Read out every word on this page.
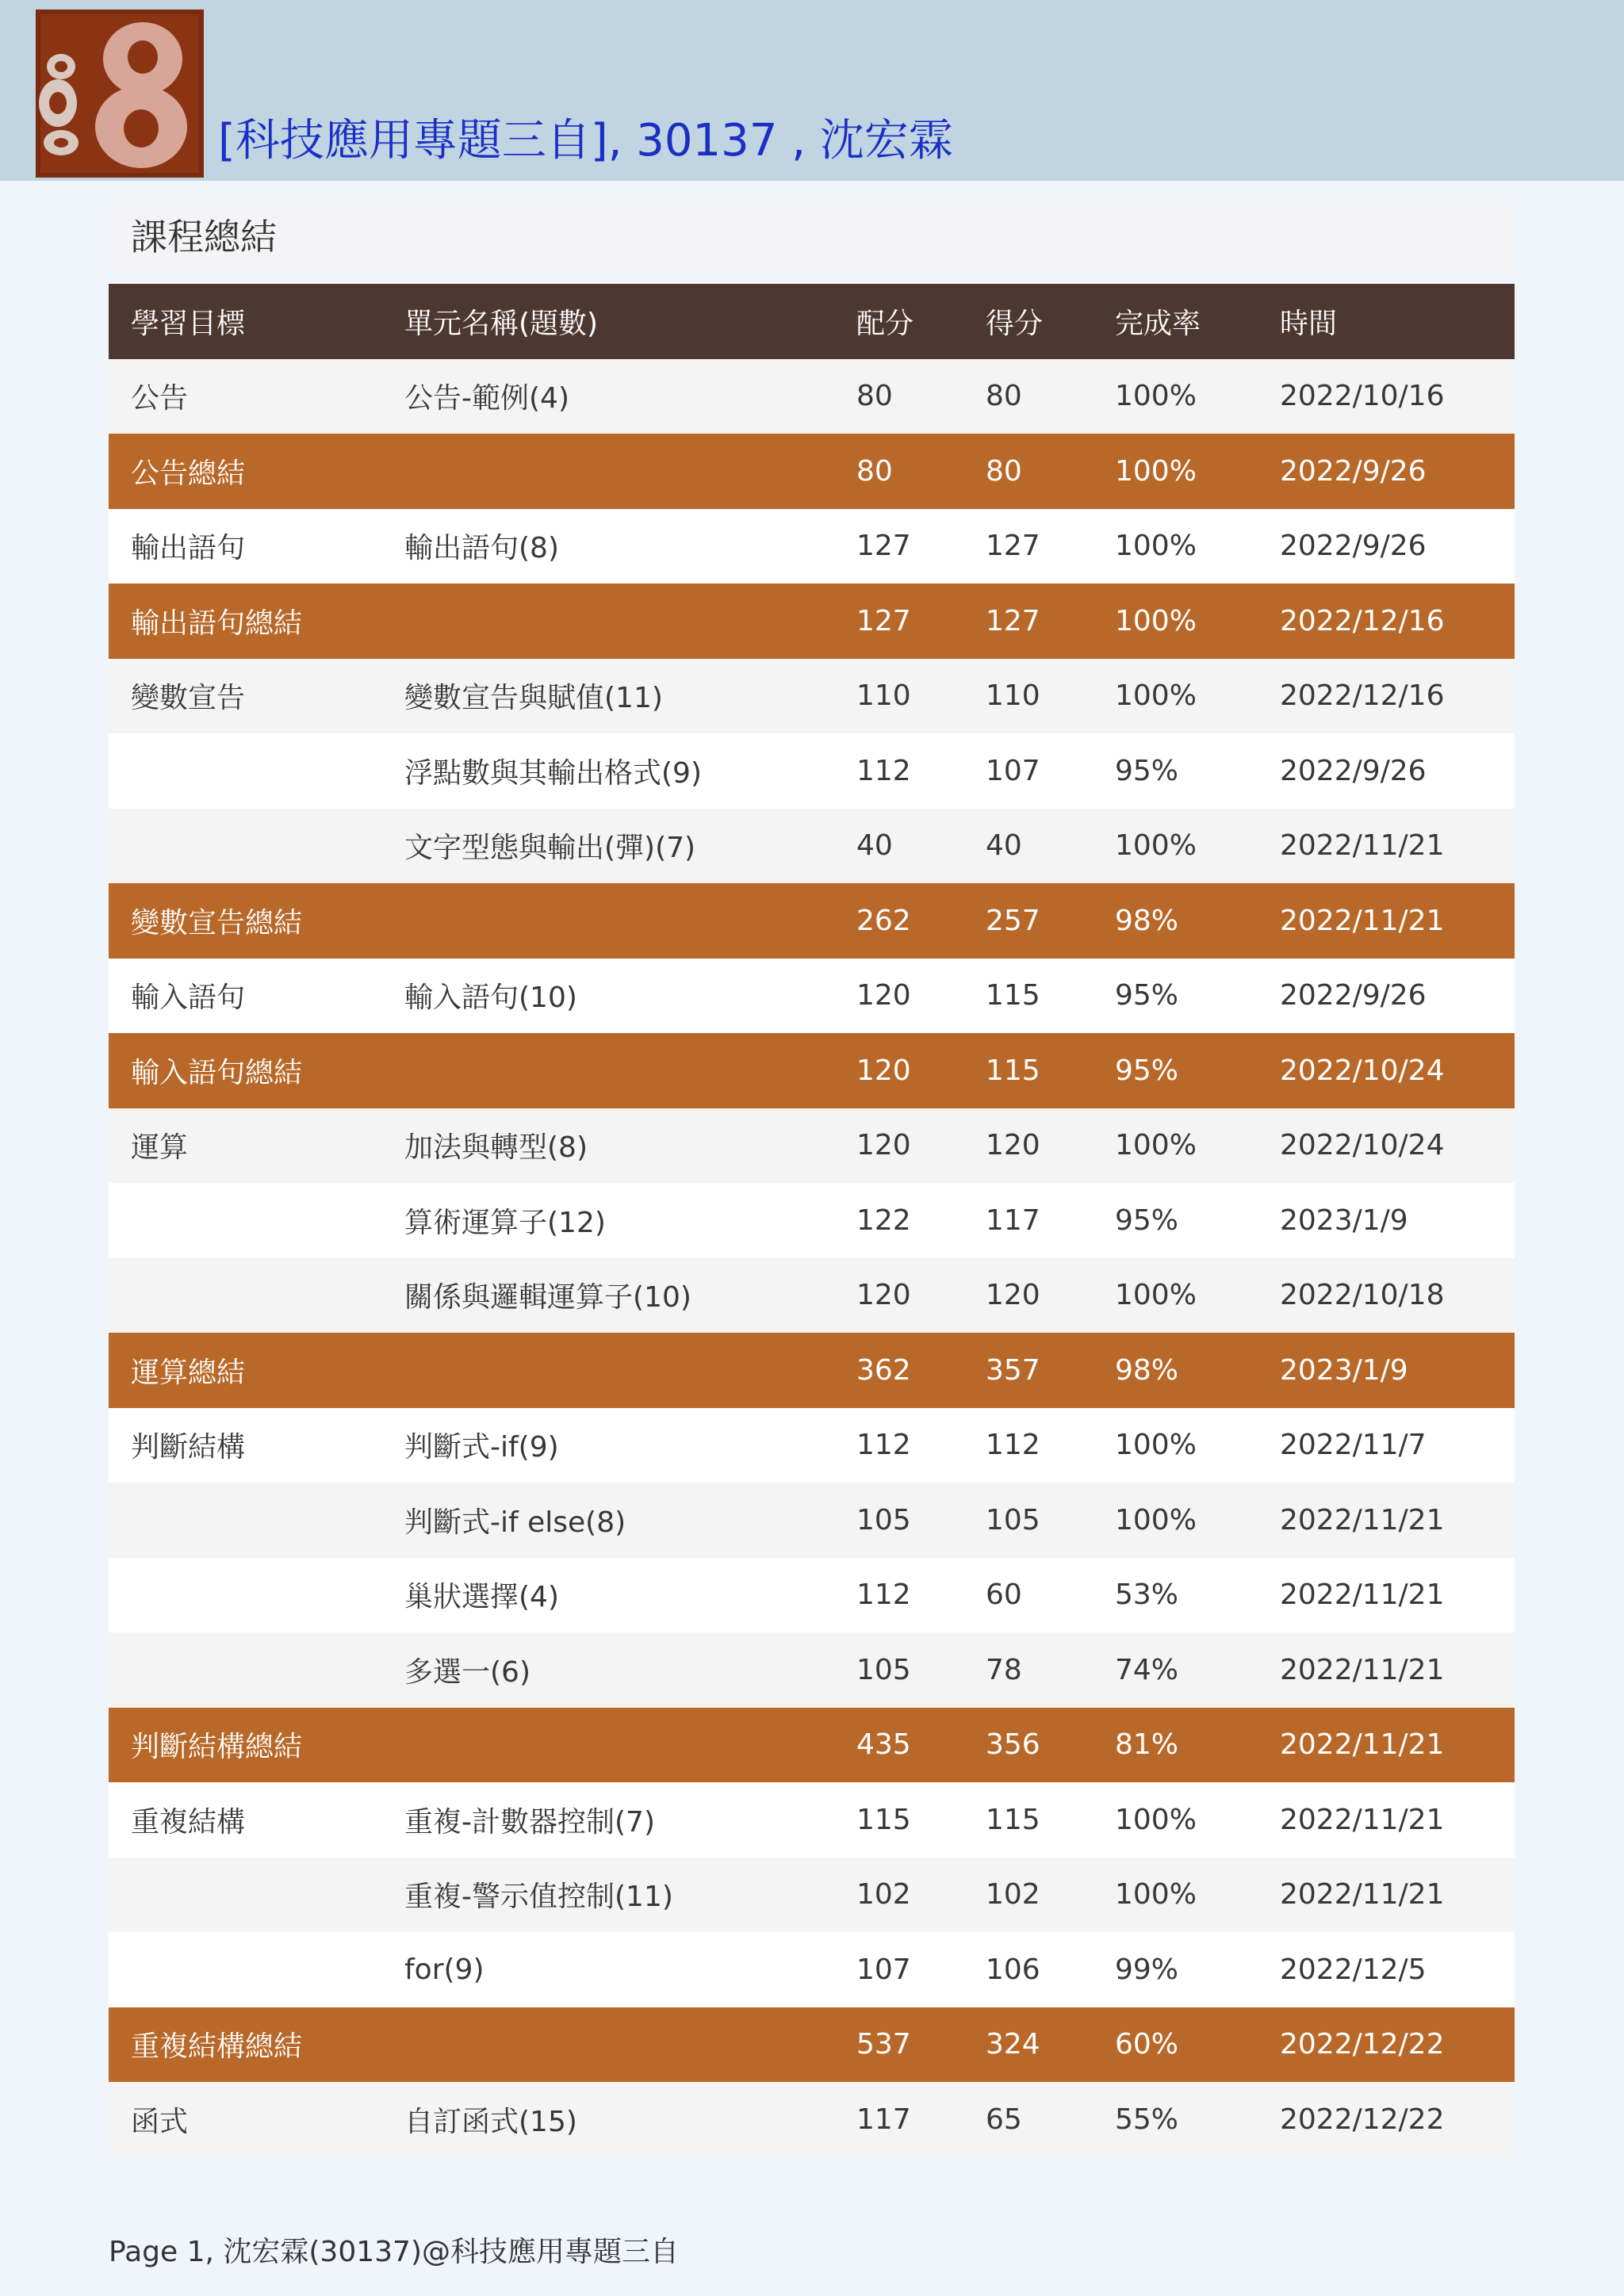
[科技應用專題三自], 30137 , 沈宏霖
課程總結
學習目標	單元名稱(題數)	配分	得分	完成率	時間
公告	公告-範例(4)	80	80	100%	2022/10/16
公告總結		80	80	100%	2022/9/26
輸出語句	輸出語句(8)	127	127	100%	2022/9/26
輸出語句總結		127	127	100%	2022/12/16
變數宣告	變數宣告與賦值(11)	110	110	100%	2022/12/16
	浮點數與其輸出格式(9)	112	107	95%	2022/9/26
	文字型態與輸出(彈)(7)	40	40	100%	2022/11/21
變數宣告總結		262	257	98%	2022/11/21
輸入語句	輸入語句(10)	120	115	95%	2022/9/26
輸入語句總結		120	115	95%	2022/10/24
運算	加法與轉型(8)	120	120	100%	2022/10/24
	算術運算子(12)	122	117	95%	2023/1/9
	關係與邏輯運算子(10)	120	120	100%	2022/10/18
運算總結		362	357	98%	2023/1/9
判斷結構	判斷式-if(9)	112	112	100%	2022/11/7
	判斷式-if else(8)	105	105	100%	2022/11/21
	巢狀選擇(4)	112	60	53%	2022/11/21
	多選一(6)	105	78	74%	2022/11/21
判斷結構總結		435	356	81%	2022/11/21
重複結構	重複-計數器控制(7)	115	115	100%	2022/11/21
	重複-警示值控制(11)	102	102	100%	2022/11/21
	for(9)	107	106	99%	2022/12/5
重複結構總結		537	324	60%	2022/12/22
函式	自訂函式(15)	117	65	55%	2022/12/22
Page 1, 沈宏霖(30137)@科技應用專題三自
